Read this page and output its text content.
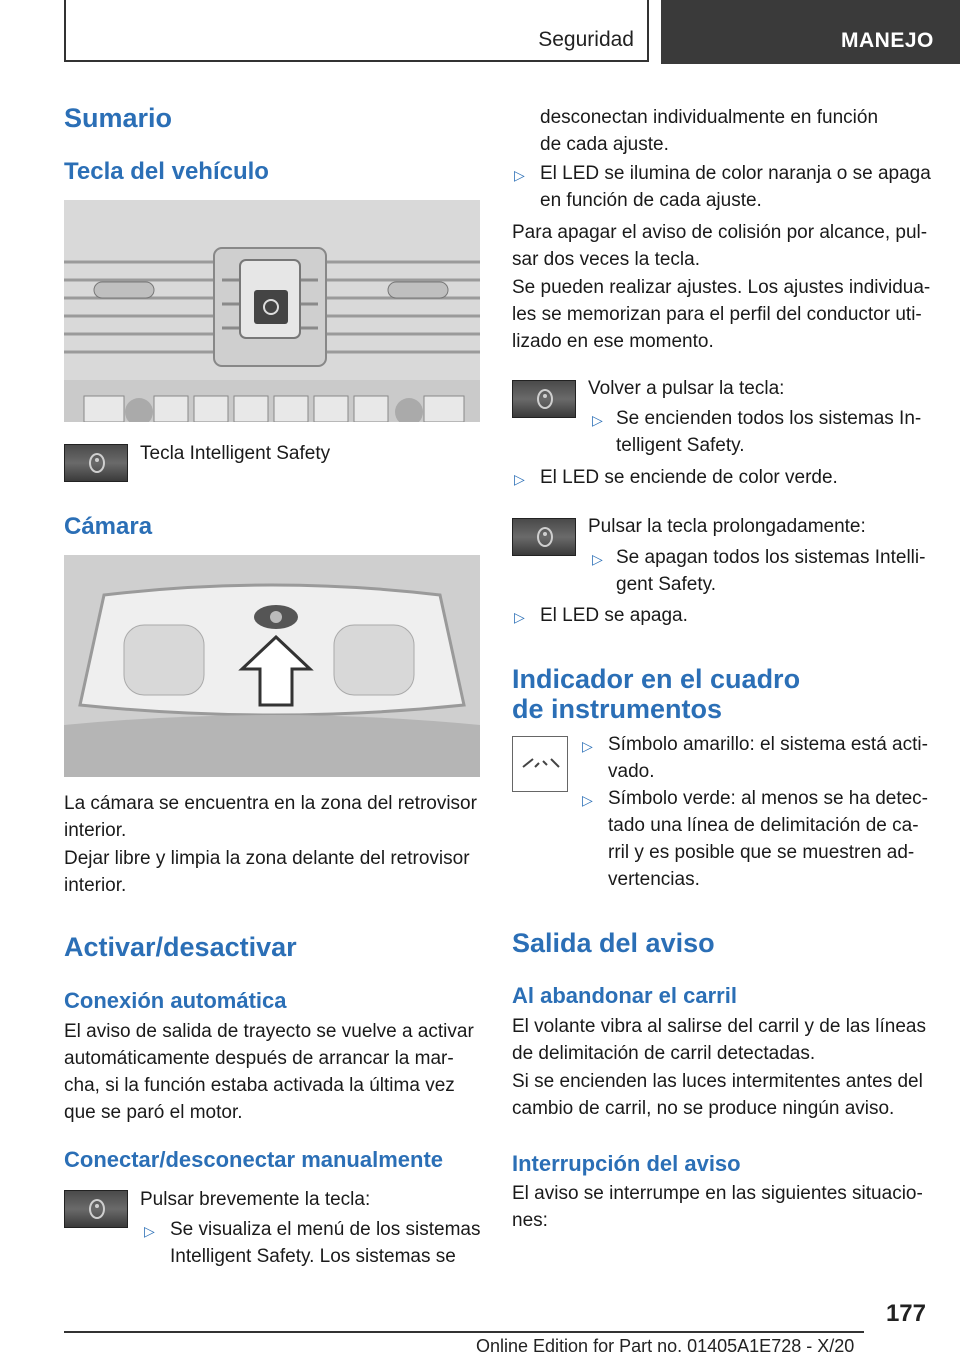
Seguridad	MANEJO
Sumario
Tecla del vehículo

Tecla Intelligent Safety

Cámara

La cámara se encuentra en la zona del retrovisor interior.

Dejar libre y limpia la zona delante del retrovisor interior.

Activar/desactivar
Conexión automática

El aviso de salida de trayecto se vuelve a activar automáticamente después de arrancar la mar-cha, si la función estaba activada la última vez que se paró el motor.

Conectar/desconectar manualmente

Pulsar brevemente la tecla:

▷ Se visualiza el menú de los sistemas Intelligent Safety. Los sistemas se

desconectan individualmente en función de cada ajuste.

▷ El LED se ilumina de color naranja o se apaga en función de cada ajuste.

Para apagar el aviso de colisión por alcance, pul-sar dos veces la tecla.

Se pueden realizar ajustes. Los ajustes individua-les se memorizan para el perfil del conductor uti-lizado en ese momento.

Volver a pulsar la tecla:

▷ Se encienden todos los sistemas In-telligent Safety.

▷ El LED se enciende de color verde.

Pulsar la tecla prolongadamente:

▷ Se apagan todos los sistemas Intelli-gent Safety.

▷ El LED se apaga.

Indicador en el cuadro de instrumentos
▷ Símbolo amarillo: el sistema está acti-vado.

▷ Símbolo verde: al menos se ha detec-tado una línea de delimitación de ca-rril y es posible que se muestren ad-vertencias.

Salida del aviso
Al abandonar el carril

El volante vibra al salirse del carril y de las líneas de delimitación de carril detectadas.

Si se encienden las luces intermitentes antes del cambio de carril, no se produce ningún aviso.

Interrupción del aviso

El aviso se interrumpe en las siguientes situacio-nes:

177
Online Edition for Part no. 01405A1E728 - X/20
